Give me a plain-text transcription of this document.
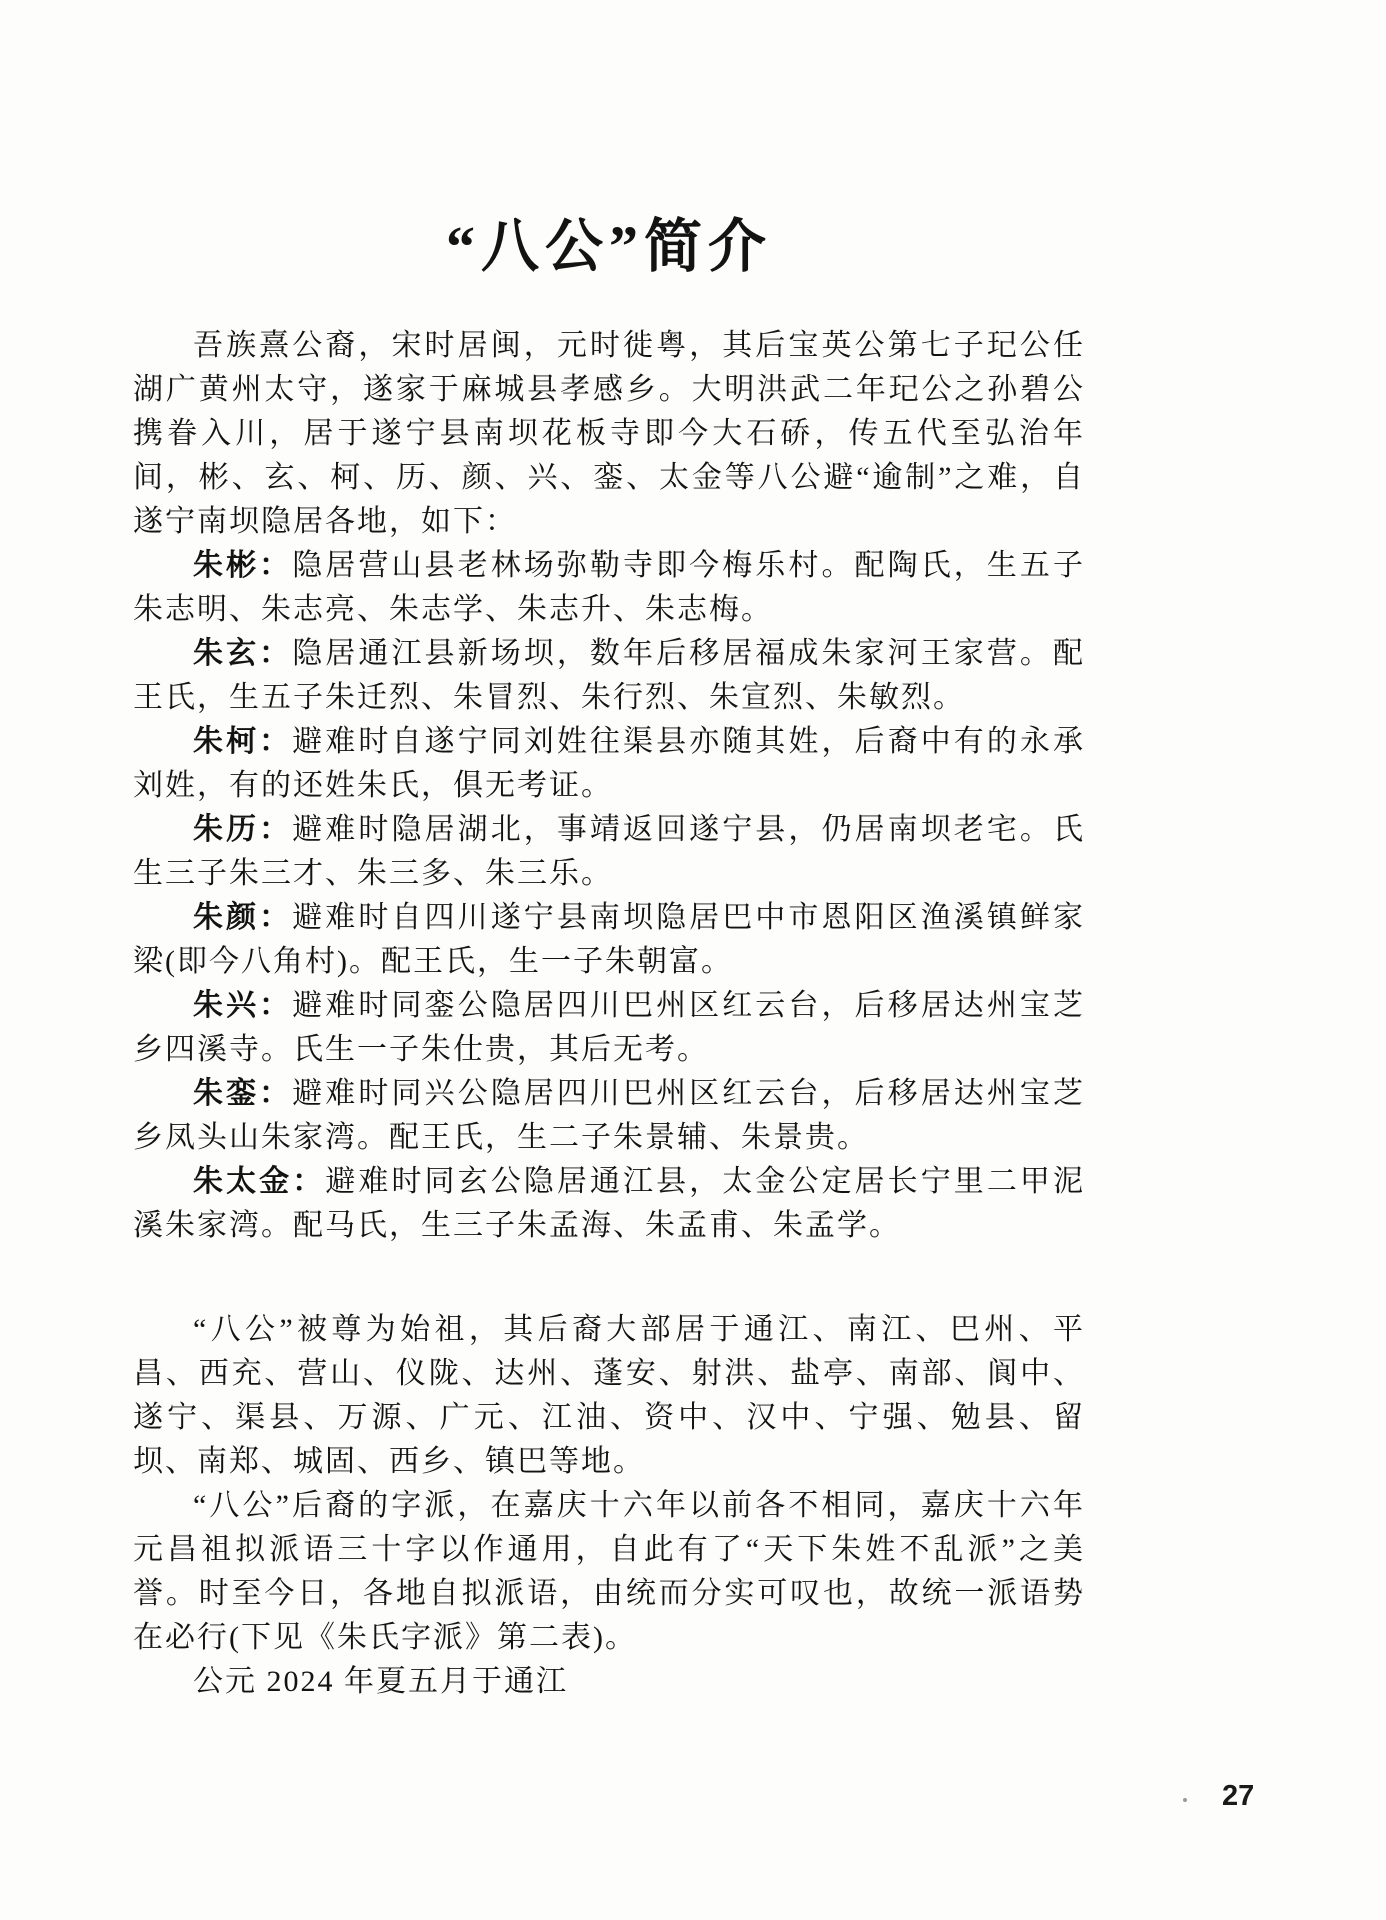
“八公”简介

吾族熹公裔，宋时居闽，元时徙粤，其后宝英公第七子玘公任湖广黄州太守，遂家于麻城县孝感乡。大明洪武二年玘公之孙碧公携眷入川，居于遂宁县南坝花板寺即今大石硚，传五代至弘治年间，彬、玄、柯、历、颜、兴、銮、太金等八公避“逾制”之难，自遂宁南坝隐居各地，如下：

朱彬：隐居营山县老林场弥勒寺即今梅乐村。配陶氏，生五子朱志明、朱志亮、朱志学、朱志升、朱志梅。

朱玄：隐居通江县新场坝，数年后移居福成朱家河王家营。配王氏，生五子朱迁烈、朱冒烈、朱行烈、朱宣烈、朱敏烈。

朱柯：避难时自遂宁同刘姓往渠县亦随其姓，后裔中有的永承刘姓，有的还姓朱氏，俱无考证。

朱历：避难时隐居湖北，事靖返回遂宁县，仍居南坝老宅。氏生三子朱三才、朱三多、朱三乐。

朱颜：避难时自四川遂宁县南坝隐居巴中市恩阳区渔溪镇鲜家梁(即今八角村)。配王氏，生一子朱朝富。

朱兴：避难时同銮公隐居四川巴州区红云台，后移居达州宝芝乡四溪寺。氏生一子朱仕贵，其后无考。

朱銮：避难时同兴公隐居四川巴州区红云台，后移居达州宝芝乡凤头山朱家湾。配王氏，生二子朱景辅、朱景贵。

朱太金：避难时同玄公隐居通江县，太金公定居长宁里二甲泥溪朱家湾。配马氏，生三子朱孟海、朱孟甫、朱孟学。

“八公”被尊为始祖，其后裔大部居于通江、南江、巴州、平昌、西充、营山、仪陇、达州、蓬安、射洪、盐亭、南部、阆中、遂宁、渠县、万源、广元、江油、资中、汉中、宁强、勉县、留坝、南郑、城固、西乡、镇巴等地。

“八公”后裔的字派，在嘉庆十六年以前各不相同，嘉庆十六年元昌祖拟派语三十字以作通用，自此有了“天下朱姓不乱派”之美誉。时至今日，各地自拟派语，由统而分实可叹也，故统一派语势在必行(下见《朱氏字派》第二表)。

公元 2024 年夏五月于通江

27
